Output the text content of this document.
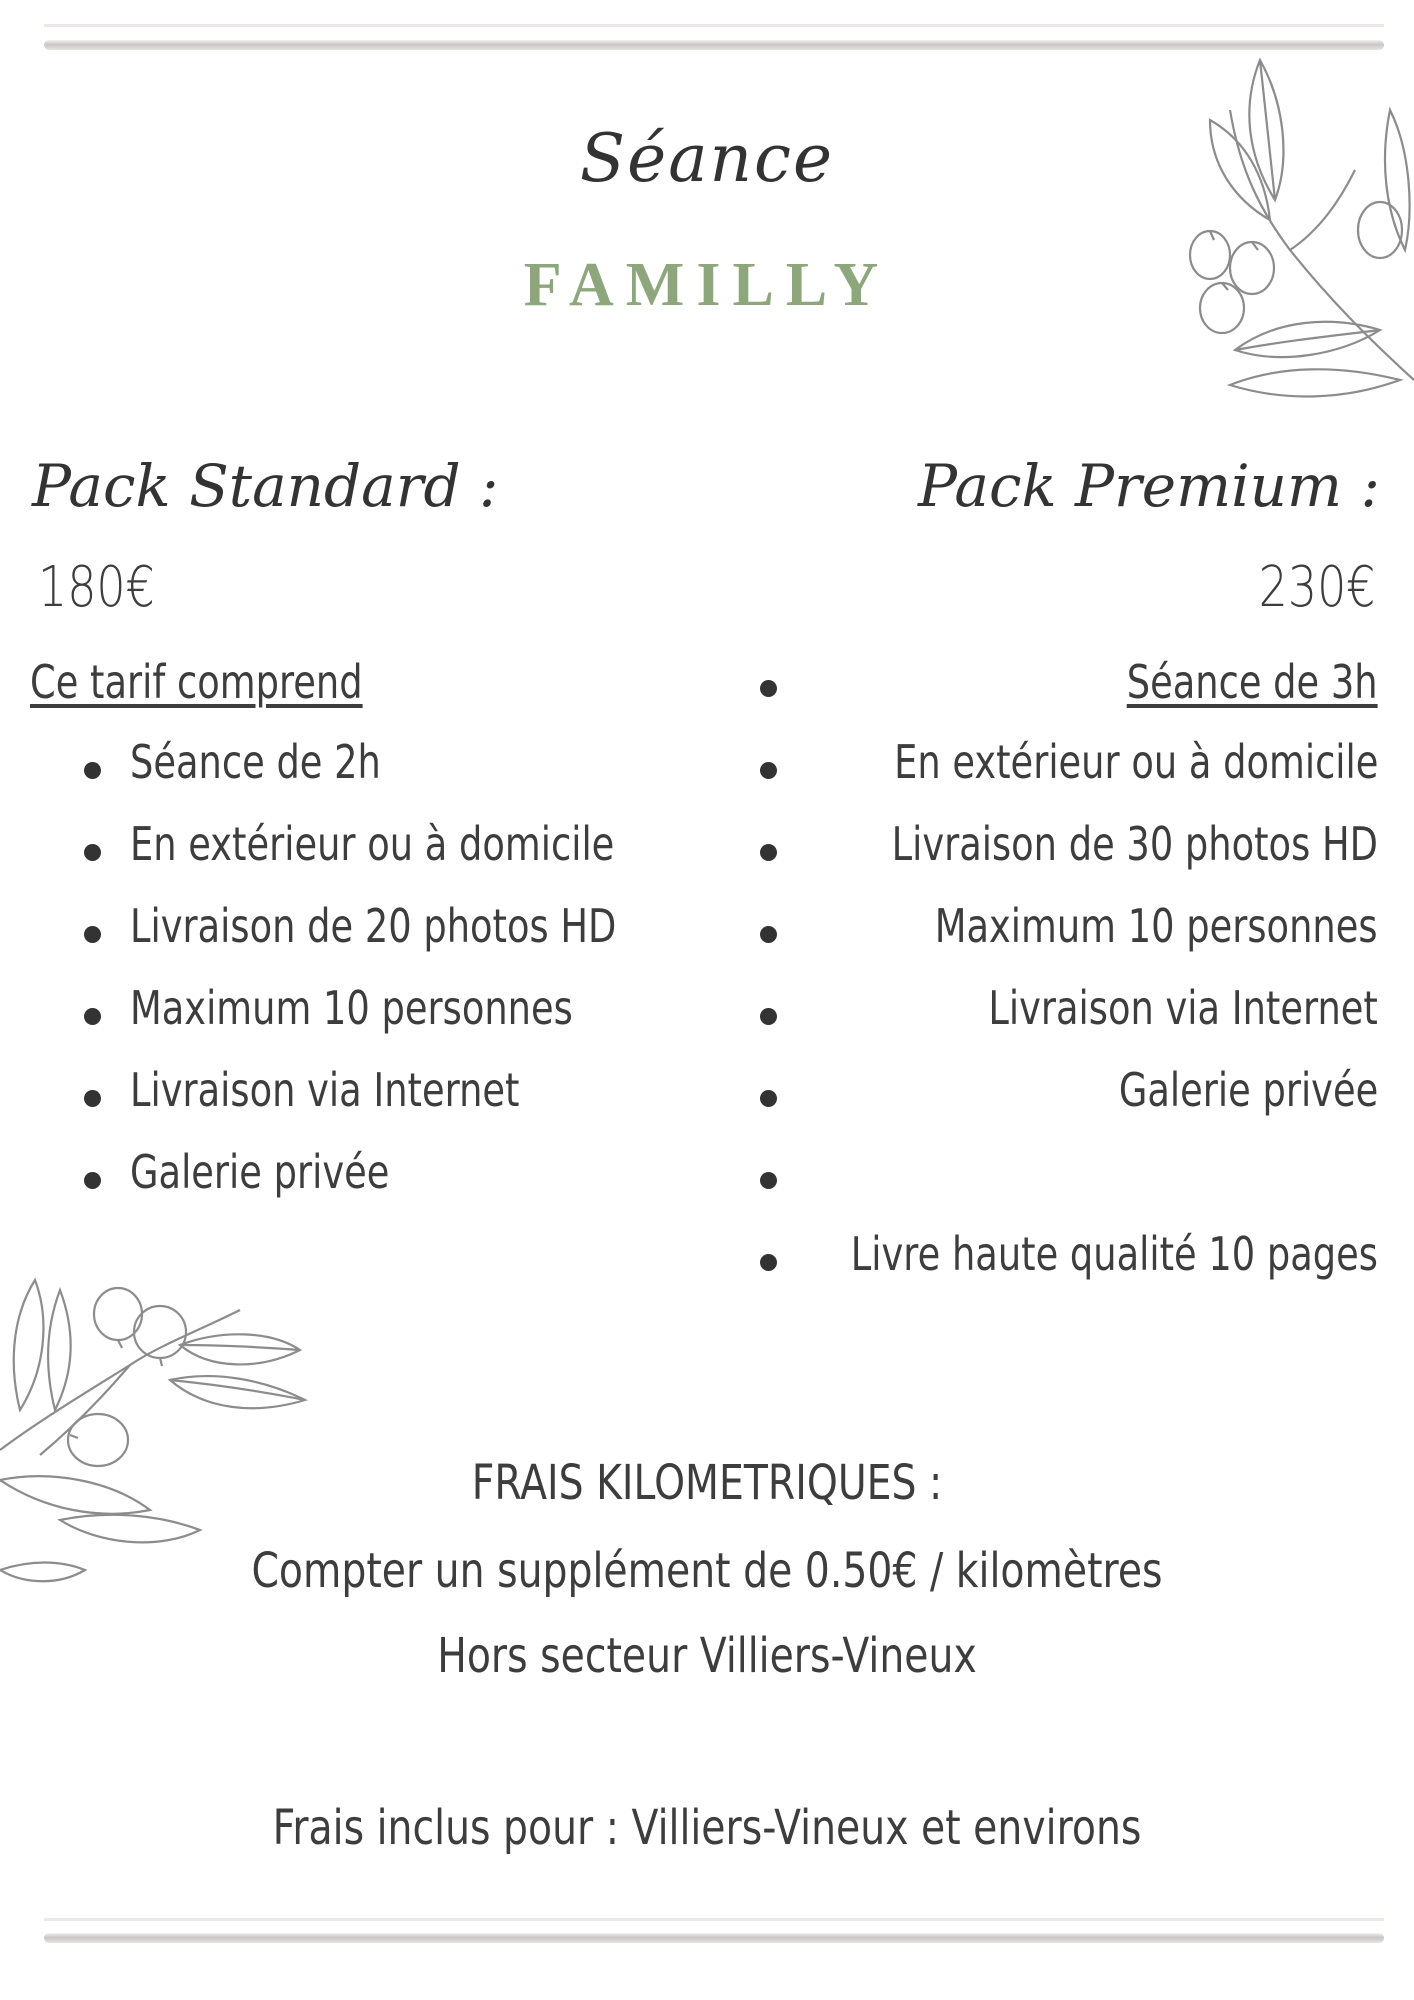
Séance
FAMILLY
Pack Standard :	Pack Premium :
180€	230€
Ce tarif comprend
Séance de 2h
En extérieur ou à domicile
Livraison de 20 photos HD
Maximum 10 personnes
Livraison via Internet
Galerie privée
Séance de 3h
En extérieur ou à domicile
Livraison de 30 photos HD
Maximum 10 personnes
Livraison via Internet
Galerie privée
Livre haute qualité 10 pages
FRAIS KILOMETRIQUES :
Compter un supplément de 0.50€ / kilomètres
Hors secteur Villiers-Vineux
Frais inclus pour : Villiers-Vineux et environs
